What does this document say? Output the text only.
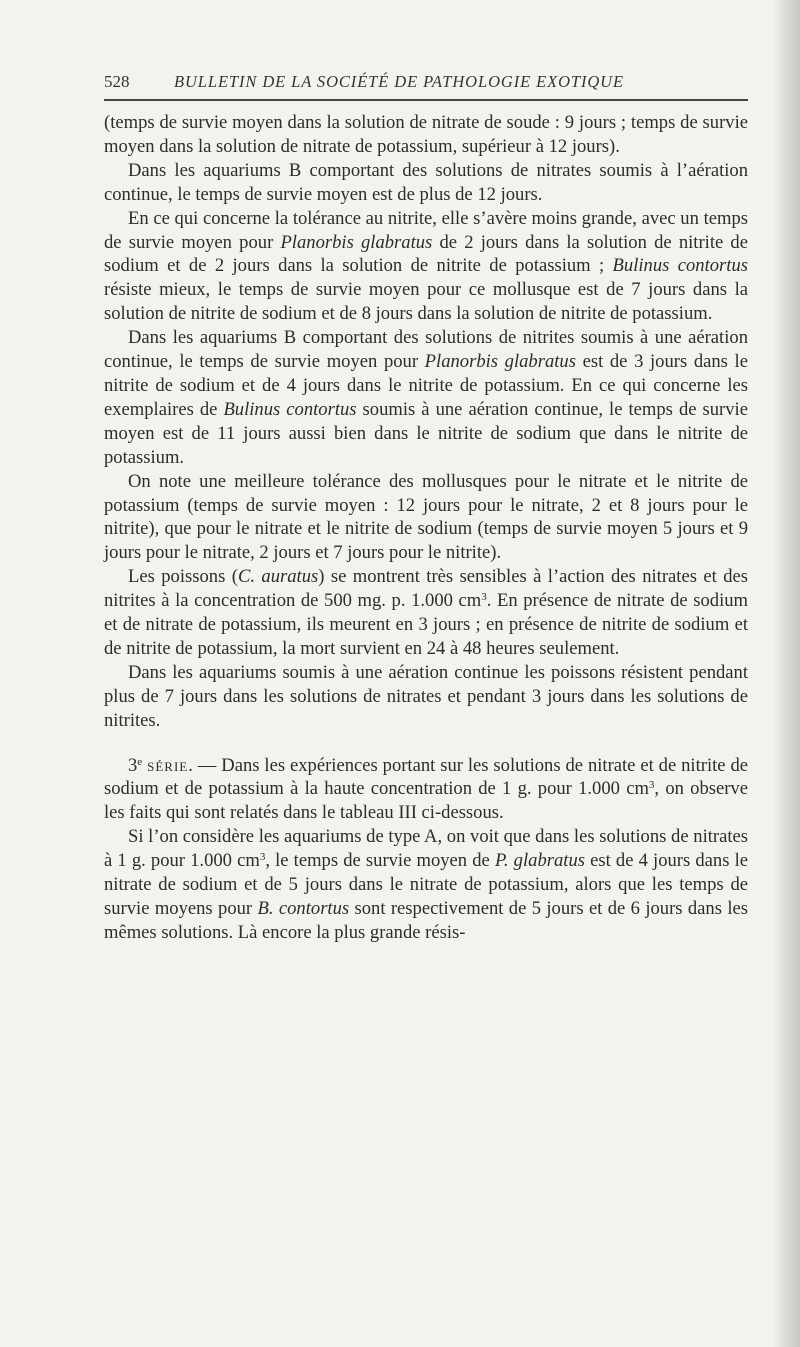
528	BULLETIN DE LA SOCIÉTÉ DE PATHOLOGIE EXOTIQUE

(temps de survie moyen dans la solution de nitrate de soude : 9 jours ; temps de survie moyen dans la solution de nitrate de potassium, supérieur à 12 jours).

Dans les aquariums B comportant des solutions de nitrates soumis à l’aération continue, le temps de survie moyen est de plus de 12 jours.

En ce qui concerne la tolérance au nitrite, elle s’avère moins grande, avec un temps de survie moyen pour Planorbis glabratus de 2 jours dans la solution de nitrite de sodium et de 2 jours dans la solution de nitrite de potassium ; Bulinus contortus résiste mieux, le temps de survie moyen pour ce mollusque est de 7 jours dans la solution de nitrite de sodium et de 8 jours dans la solution de nitrite de potassium.

Dans les aquariums B comportant des solutions de nitrites soumis à une aération continue, le temps de survie moyen pour Planorbis glabratus est de 3 jours dans le nitrite de sodium et de 4 jours dans le nitrite de potassium. En ce qui concerne les exemplaires de Bulinus contortus soumis à une aération continue, le temps de survie moyen est de 11 jours aussi bien dans le nitrite de sodium que dans le nitrite de potassium.

On note une meilleure tolérance des mollusques pour le nitrate et le nitrite de potassium (temps de survie moyen : 12 jours pour le nitrate, 2 et 8 jours pour le nitrite), que pour le nitrate et le nitrite de sodium (temps de survie moyen 5 jours et 9 jours pour le nitrate, 2 jours et 7 jours pour le nitrite).

Les poissons (C. auratus) se montrent très sensibles à l’action des nitrates et des nitrites à la concentration de 500 mg. p. 1.000 $cm^3$. En présence de nitrate de sodium et de nitrate de potassium, ils meurent en 3 jours ; en présence de nitrite de sodium et de nitrite de potassium, la mort survient en 24 à 48 heures seulement.

Dans les aquariums soumis à une aération continue les poissons résistent pendant plus de 7 jours dans les solutions de nitrates et pendant 3 jours dans les solutions de nitrites.

3e série. — Dans les expériences portant sur les solutions de nitrate et de nitrite de sodium et de potassium à la haute concentration de 1 g. pour 1.000 $cm^3$, on observe les faits qui sont relatés dans le tableau III ci-dessous.

Si l’on considère les aquariums de type A, on voit que dans les solutions de nitrates à 1 g. pour 1.000 $cm^3$, le temps de survie moyen de P. glabratus est de 4 jours dans le nitrate de sodium et de 5 jours dans le nitrate de potassium, alors que les temps de survie moyens pour B. contortus sont respectivement de 5 jours et de 6 jours dans les mêmes solutions. Là encore la plus grande résis-
